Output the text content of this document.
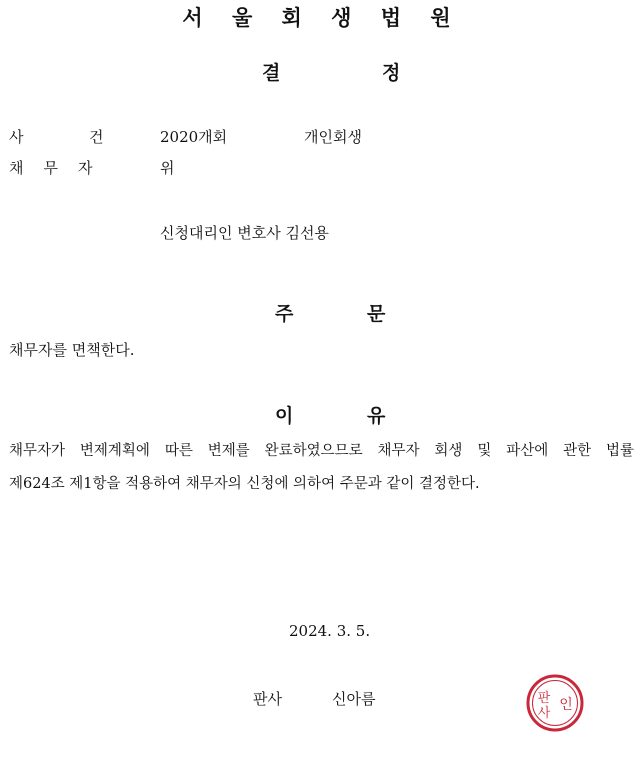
서 울 회 생 법 원
결	정
사	건	2020개회	개인회생
채무자	위
신청대리인 변호사 김선용
주	문
채무자를 면책한다.
이	유
채무자가 변제계획에 따른 변제를 완료하였으므로 채무자 회생 및 파산에 관한 법률
제624조 제1항을 적용하여 채무자의 신청에 의하여 주문과 같이 결정한다.
2024. 3. 5.
판사	신아름	판
사
인
